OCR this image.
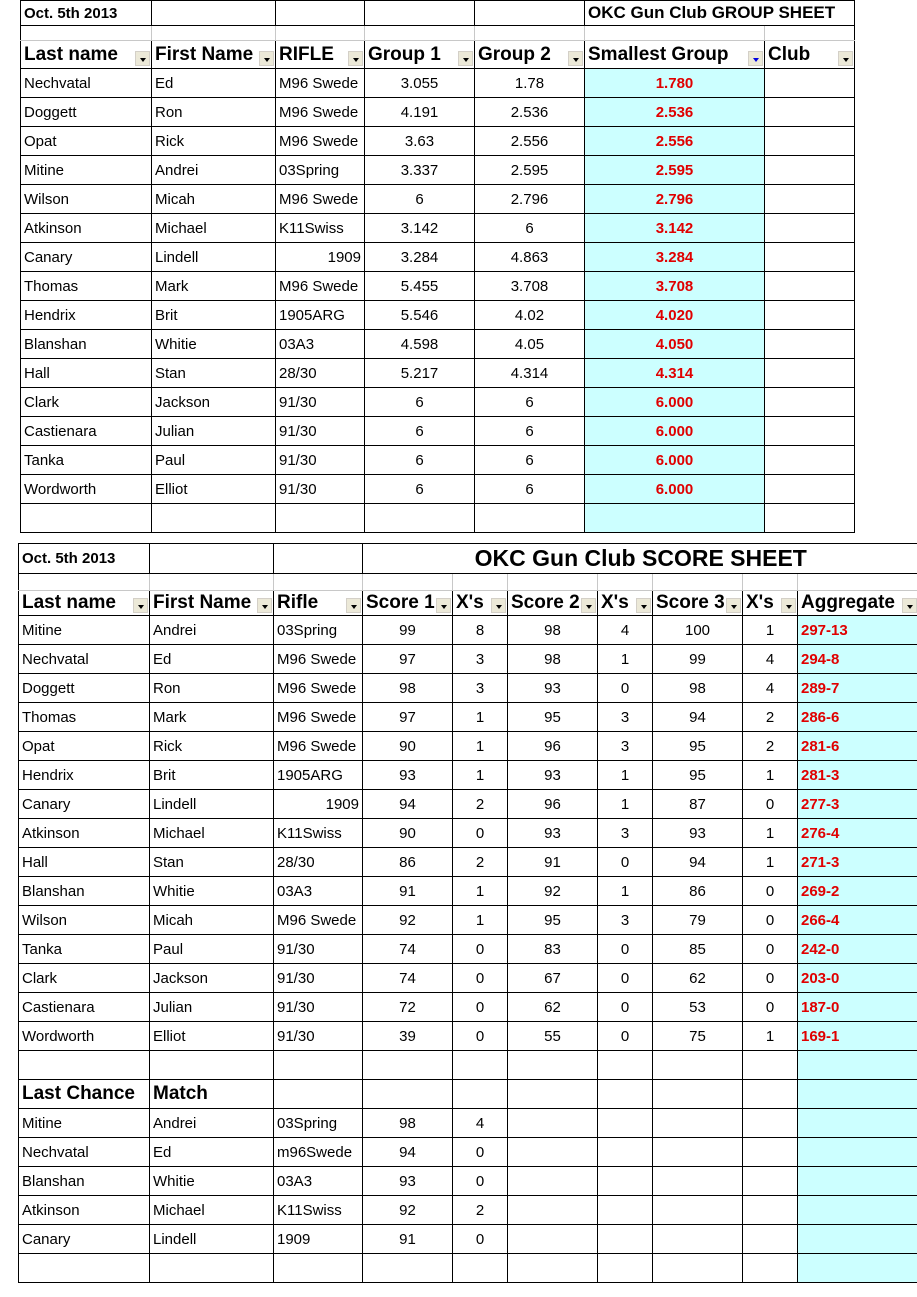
Oct. 5th 2013					OKC Gun Club GROUP SHEET	

Last name	First Name	RIFLE	Group 1	Group 2	Smallest Group	Club

Nechvatal	Ed	M96 Swede	3.055	1.78	1.780	
Doggett	Ron	M96 Swede	4.191	2.536	2.536	
Opat	Rick	M96 Swede	3.63	2.556	2.556	
Mitine	Andrei	03Spring	3.337	2.595	2.595	
Wilson	Micah	M96 Swede	6	2.796	2.796	
Atkinson	Michael	K11Swiss	3.142	6	3.142	
Canary	Lindell	1909	3.284	4.863	3.284	
Thomas	Mark	M96 Swede	5.455	3.708	3.708	
Hendrix	Brit	1905ARG	5.546	4.02	4.020	
Blanshan	Whitie	03A3	4.598	4.05	4.050	
Hall	Stan	28/30	5.217	4.314	4.314	
Clark	Jackson	91/30	6	6	6.000	
Castienara	Julian	91/30	6	6	6.000	
Tanka	Paul	91/30	6	6	6.000	
Wordworth	Elliot	91/30	6	6	6.000	

Oct. 5th 2013			OKC Gun Club SCORE SHEET						

Last name	First Name	Rifle	Score 1	X's	Score 2	X's	Score 3	X's	Aggregate

Mitine	Andrei	03Spring	99	8	98	4	100	1	297-13
Nechvatal	Ed	M96 Swede	97	3	98	1	99	4	294-8
Doggett	Ron	M96 Swede	98	3	93	0	98	4	289-7
Thomas	Mark	M96 Swede	97	1	95	3	94	2	286-6
Opat	Rick	M96 Swede	90	1	96	3	95	2	281-6
Hendrix	Brit	1905ARG	93	1	93	1	95	1	281-3
Canary	Lindell	1909	94	2	96	1	87	0	277-3
Atkinson	Michael	K11Swiss	90	0	93	3	93	1	276-4
Hall	Stan	28/30	86	2	91	0	94	1	271-3
Blanshan	Whitie	03A3	91	1	92	1	86	0	269-2
Wilson	Micah	M96 Swede	92	1	95	3	79	0	266-4
Tanka	Paul	91/30	74	0	83	0	85	0	242-0
Clark	Jackson	91/30	74	0	67	0	62	0	203-0
Castienara	Julian	91/30	72	0	62	0	53	0	187-0
Wordworth	Elliot	91/30	39	0	55	0	75	1	169-1

Last Chance	Match								
Mitine	Andrei	03Spring	98	4					
Nechvatal	Ed	m96Swede	94	0					
Blanshan	Whitie	03A3	93	0					
Atkinson	Michael	K11Swiss	92	2					
Canary	Lindell	1909	91	0					
